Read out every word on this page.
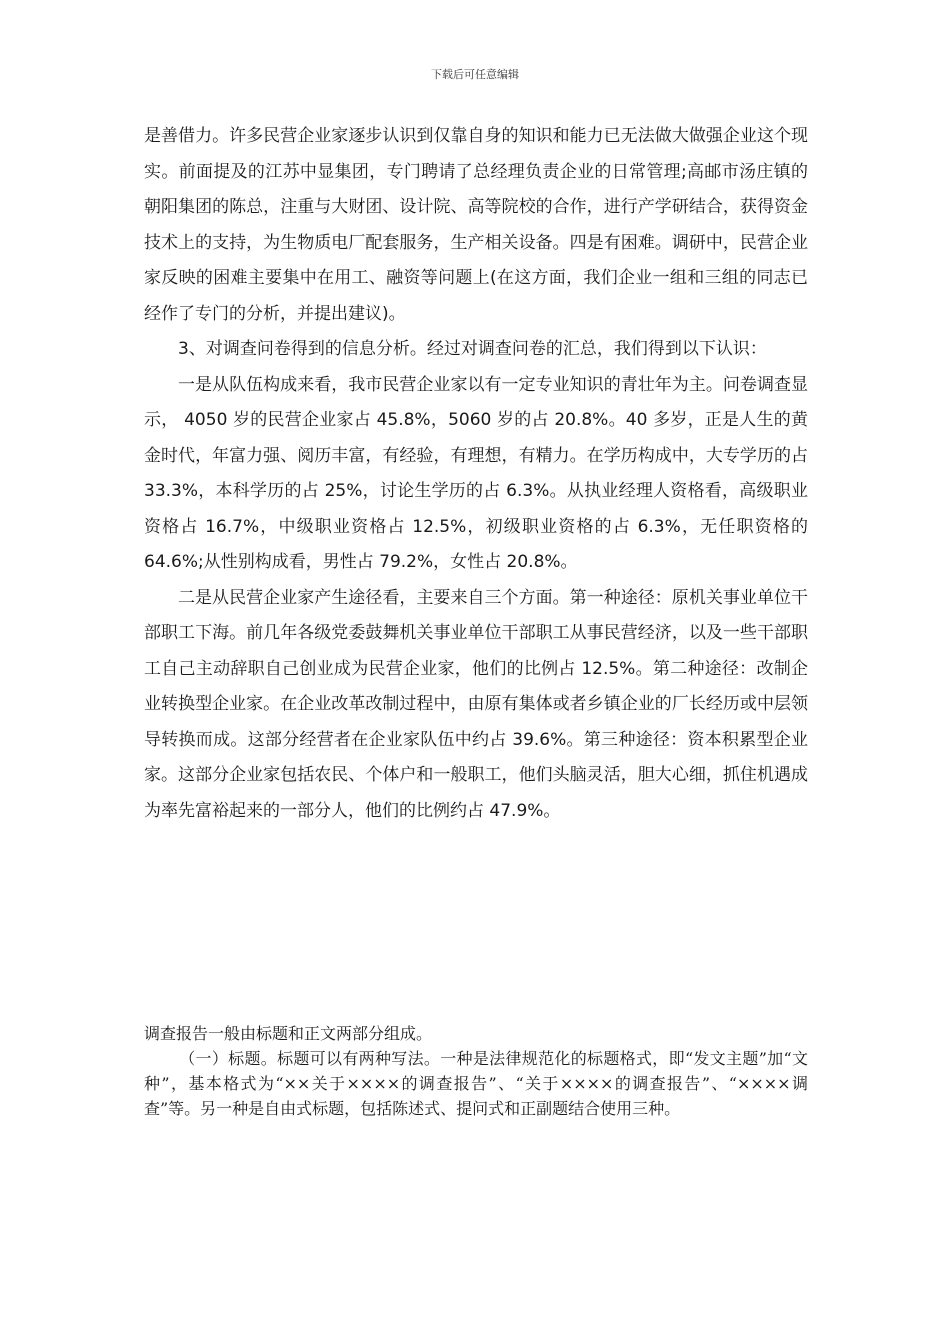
下载后可任意编辑

是善借力。许多民营企业家逐步认识到仅靠自身的知识和能力已无法做大做强企业这个现实。前面提及的江苏中显集团，专门聘请了总经理负责企业的日常管理;高邮市汤庄镇的朝阳集团的陈总，注重与大财团、设计院、高等院校的合作，进行产学研结合，获得资金技术上的支持，为生物质电厂配套服务，生产相关设备。四是有困难。调研中，民营企业家反映的困难主要集中在用工、融资等问题上(在这方面，我们企业一组和三组的同志已经作了专门的分析，并提出建议)。

3、对调查问卷得到的信息分析。经过对调查问卷的汇总，我们得到以下认识：

一是从队伍构成来看，我市民营企业家以有一定专业知识的青壮年为主。问卷调查显示， 4050 岁的民营企业家占 45.8%，5060 岁的占 20.8%。40 多岁，正是人生的黄金时代，年富力强、阅历丰富，有经验，有理想，有精力。在学历构成中，大专学历的占 33.3%，本科学历的占 25%，讨论生学历的占 6.3%。从执业经理人资格看，高级职业资格占 16.7%，中级职业资格占 12.5%，初级职业资格的占 6.3%，无任职资格的 64.6%;从性别构成看，男性占 79.2%，女性占 20.8%。

二是从民营企业家产生途径看，主要来自三个方面。第一种途径：原机关事业单位干部职工下海。前几年各级党委鼓舞机关事业单位干部职工从事民营经济，以及一些干部职工自己主动辞职自己创业成为民营企业家，他们的比例占 12.5%。第二种途径：改制企业转换型企业家。在企业改革改制过程中，由原有集体或者乡镇企业的厂长经历或中层领导转换而成。这部分经营者在企业家队伍中约占 39.6%。第三种途径：资本积累型企业家。这部分企业家包括农民、个体户和一般职工，他们头脑灵活，胆大心细，抓住机遇成为率先富裕起来的一部分人，他们的比例约占 47.9%。

调查报告一般由标题和正文两部分组成。

（一）标题。标题可以有两种写法。一种是法律规范化的标题格式，即“发文主题”加“文种”，基本格式为“××关于××××的调查报告”、“关于××××的调查报告”、“××××调查”等。另一种是自由式标题，包括陈述式、提问式和正副题结合使用三种。
